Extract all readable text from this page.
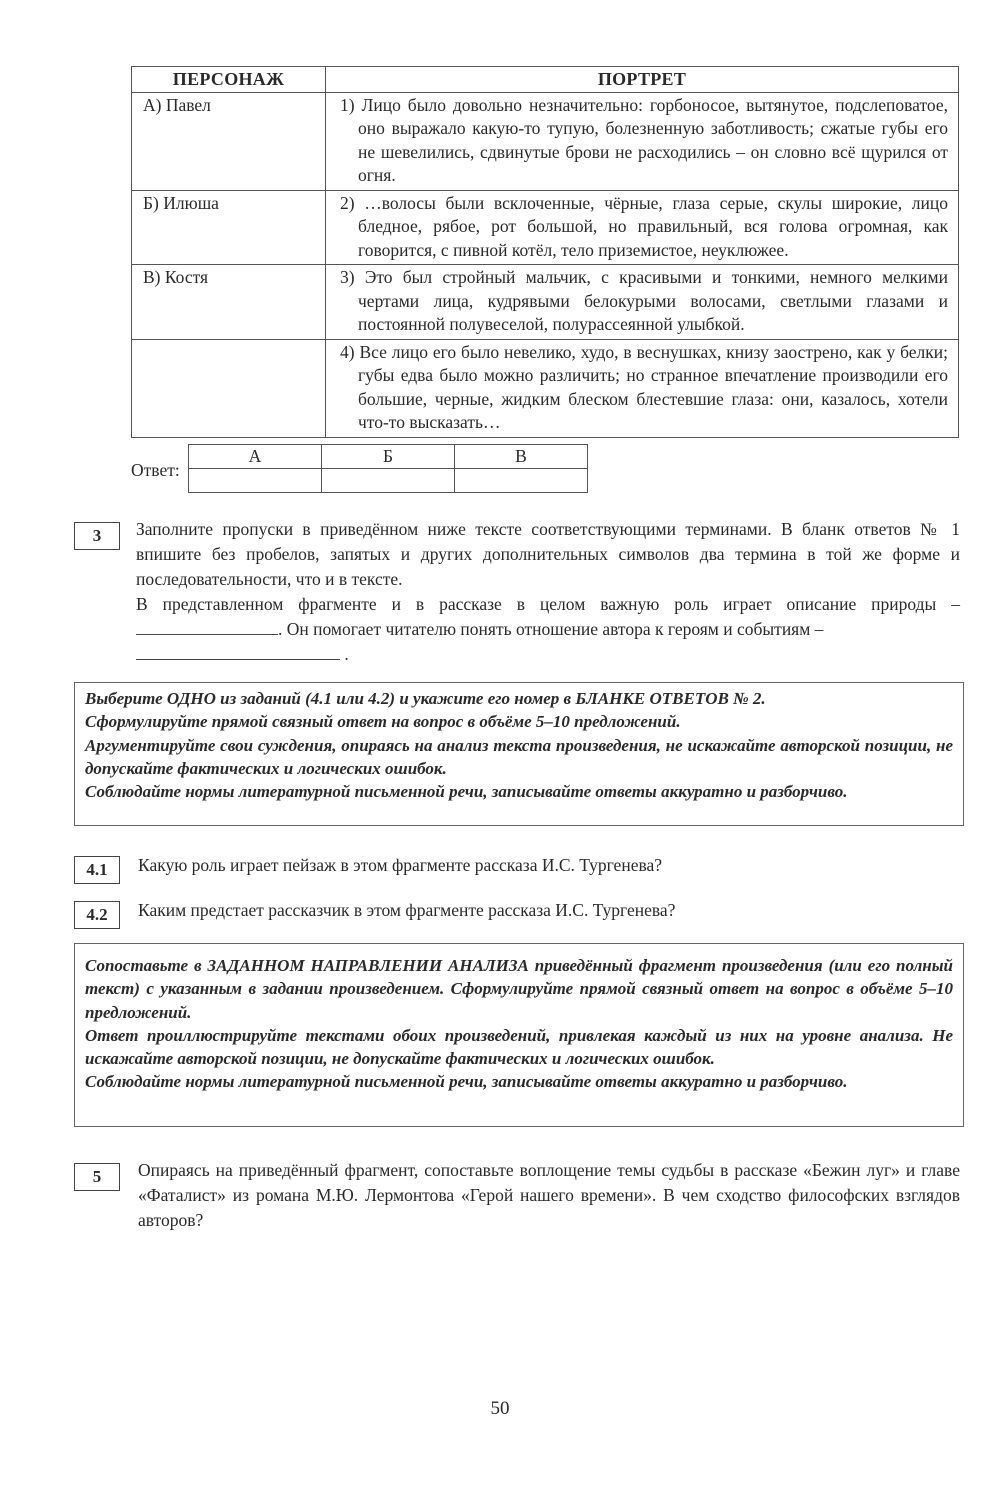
ПЕРСОНАЖ	ПОРТРЕТ
А) Павел	1) Лицо было довольно незначительно: горбоносое, вытянутое, подслеповатое, оно выражало какую-то тупую, болезненную заботливость; сжатые губы его не шевелились, сдвинутые брови не расходились – он словно всё щурился от огня.

Б) Илюша	2) …волосы были всклоченные, чёрные, глаза серые, скулы широкие, лицо бледное, рябое, рот большой, но правильный, вся голова огромная, как говорится, с пивной котёл, тело приземистое, неуклюжее.

В) Костя	3) Это был стройный мальчик, с красивыми и тонкими, немного мелкими чертами лица, кудрявыми белокурыми волосами, светлыми глазами и постоянной полувеселой, полурассеянной улыбкой.

	4) Все лицо его было невелико, худо, в веснушках, книзу заострено, как у белки; губы едва было можно различить; но странное впечатление производили его большие, черные, жидким блеском блестевшие глаза: они, казалось, хотели что-то высказать…
Ответ:
А	Б	В

3	Заполните пропуски в приведённом ниже тексте соответствующими терминами. В бланк ответов № 1 впишите без пробелов, запятых и других дополнительных символов два термина в той же форме и последовательности, что и в тексте.
В представленном фрагменте и в рассказе в целом важную роль играет описание природы – . Он помогает читателю понять отношение автора к героям и событиям –
.

Выберите ОДНО из заданий (4.1 или 4.2) и укажите его номер в БЛАНКЕ ОТВЕТОВ № 2.

Сформулируйте прямой связный ответ на вопрос в объёме 5–10 предложений.

Аргументируйте свои суждения, опираясь на анализ текста произведения, не искажайте авторской позиции, не допускайте фактических и логических ошибок.

Соблюдайте нормы литературной письменной речи, записывайте ответы аккуратно и разборчиво.

4.1	Какую роль играет пейзаж в этом фрагменте рассказа И.С. Тургенева?
4.2	Каким предстает рассказчик в этом фрагменте рассказа И.С. Тургенева?

Сопоставьте в ЗАДАННОМ НАПРАВЛЕНИИ АНАЛИЗА приведённый фрагмент произведения (или его полный текст) с указанным в задании произведением. Сформулируйте прямой связный ответ на вопрос в объёме 5–10 предложений.

Ответ проиллюстрируйте текстами обоих произведений, привлекая каждый из них на уровне анализа. Не искажайте авторской позиции, не допускайте фактических и логических ошибок.

Соблюдайте нормы литературной письменной речи, записывайте ответы аккуратно и разборчиво.

5	Опираясь на приведённый фрагмент, сопоставьте воплощение темы судьбы в рассказе «Бежин луг» и главе «Фаталист» из романа М.Ю. Лермонтова «Герой нашего времени». В чем сходство философских взглядов авторов?
50
